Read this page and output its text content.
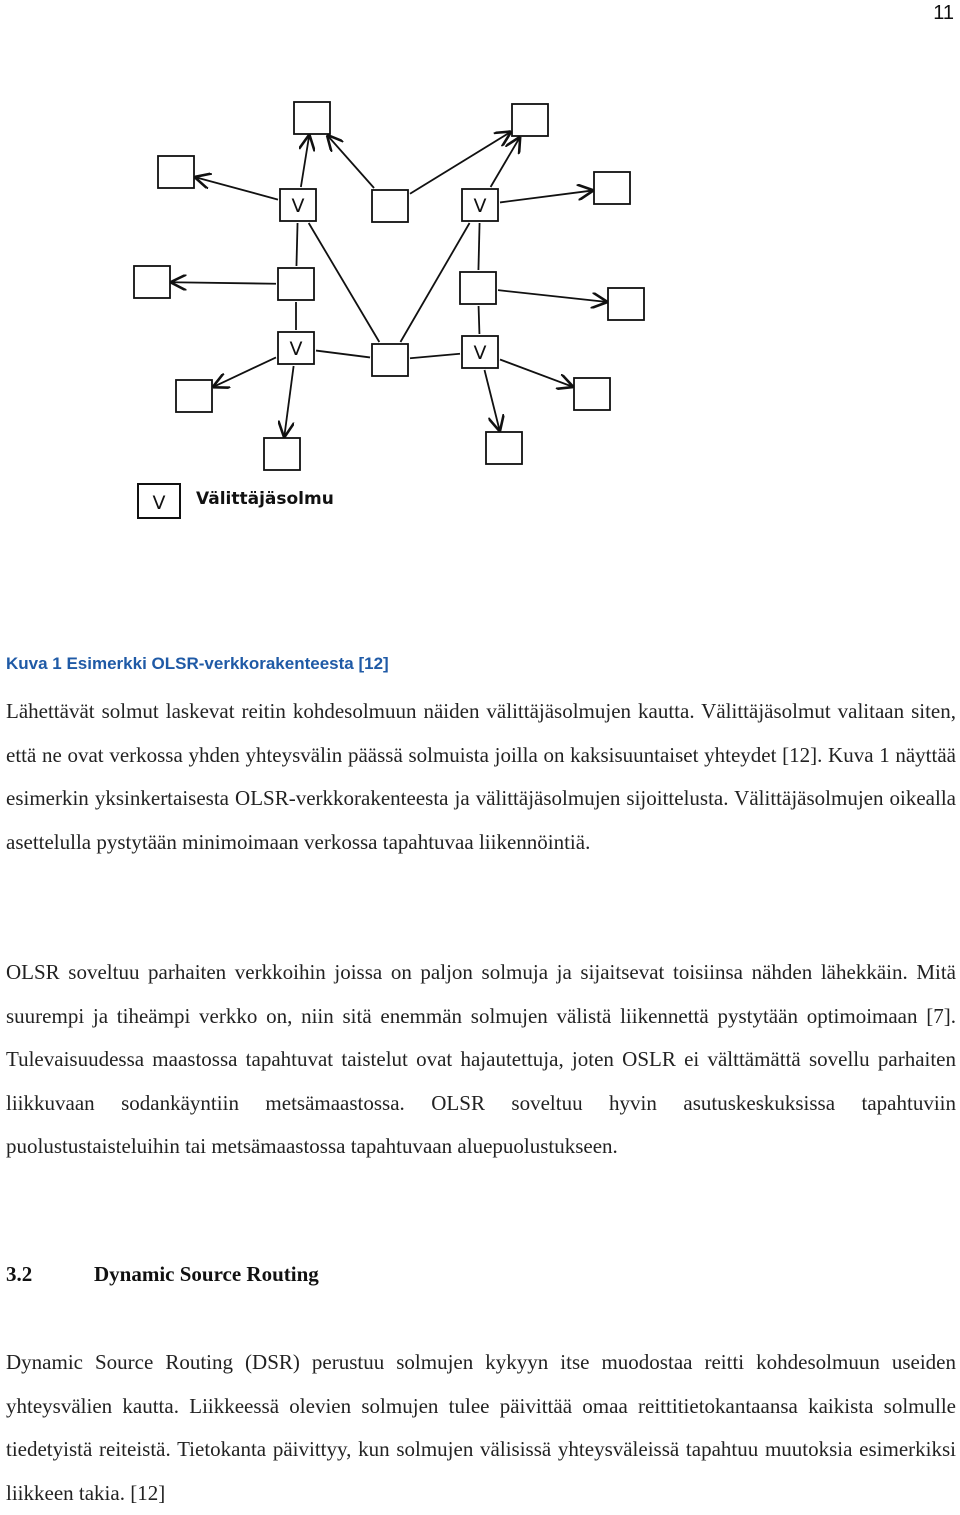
11
V	V
V	V
V Välittäjäsolmu
Kuva 1 Esimerkki OLSR-verkkorakenteesta [12]

Lähettävät solmut laskevat reitin kohdesolmuun näiden välittäjäsolmujen kautta. Välittäjäsolmut valitaan siten, että ne ovat verkossa yhden yhteysvälin päässä solmuista joilla on kaksisuuntaiset yhteydet [12]. Kuva 1 näyttää esimerkin yksinkertaisesta OLSR-verkkorakenteesta ja välittäjäsolmujen sijoittelusta. Välittäjäsolmujen oikealla asettelulla pystytään minimoimaan verkossa tapahtuvaa liikennöintiä.

OLSR soveltuu parhaiten verkkoihin joissa on paljon solmuja ja sijaitsevat toisiinsa nähden lähekkäin. Mitä suurempi ja tiheämpi verkko on, niin sitä enemmän solmujen välistä liikennettä pystytään optimoimaan [7]. Tulevaisuudessa maastossa tapahtuvat taistelut ovat hajautettuja, joten OSLR ei välttämättä sovellu parhaiten liikkuvaan sodankäyntiin metsämaastossa. OLSR soveltuu hyvin asutuskeskuksissa tapahtuviin puolustustaisteluihin tai metsämaastossa tapahtuvaan aluepuolustukseen.

3.2	Dynamic Source Routing

Dynamic Source Routing (DSR) perustuu solmujen kykyyn itse muodostaa reitti kohdesolmuun useiden yhteysvälien kautta. Liikkeessä olevien solmujen tulee päivittää omaa reittitietokantaansa kaikista solmulle tiedetyistä reiteistä. Tietokanta päivittyy, kun solmujen välisissä yhteysväleissä tapahtuu muutoksia esimerkiksi liikkeen takia. [12]
